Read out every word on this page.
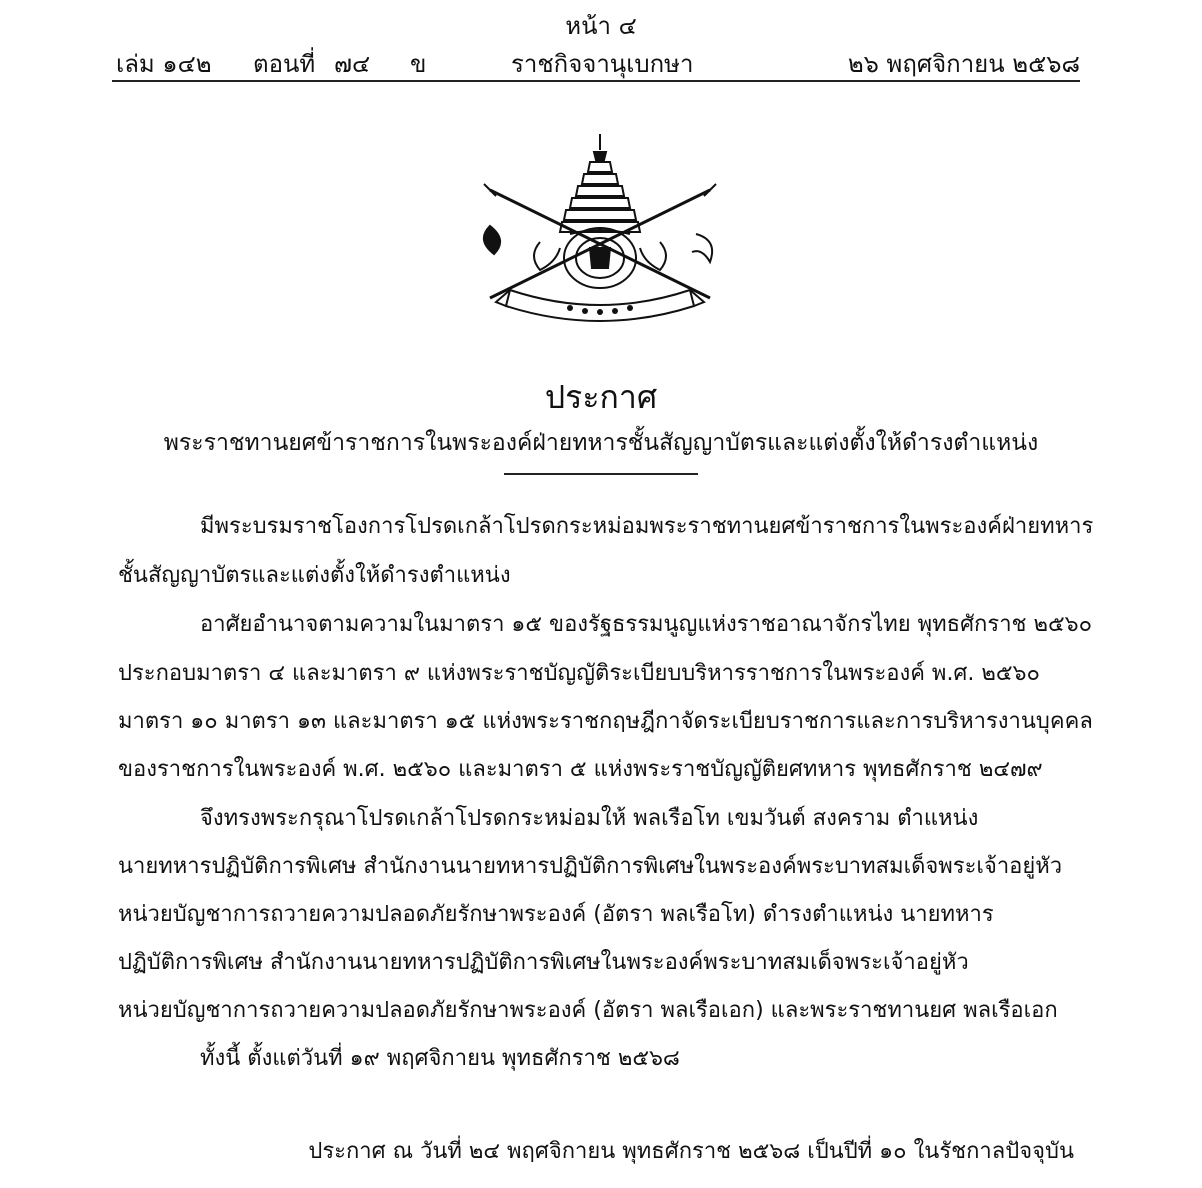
หน้า ๔
เล่ม ๑๔๒ ตอนที่ ๗๔ ข	ราชกิจจานุเบกษา	๒๖ พฤศจิกายน ๒๕๖๘
ประกาศ
พระราชทานยศข้าราชการในพระองค์ฝ่ายทหารชั้นสัญญาบัตรและแต่งตั้งให้ดำรงตำแหน่ง
มีพระบรมราชโองการโปรดเกล้าโปรดกระหม่อมพระราชทานยศข้าราชการในพระองค์ฝ่ายทหาร
ชั้นสัญญาบัตรและแต่งตั้งให้ดำรงตำแหน่ง
อาศัยอำนาจตามความในมาตรา ๑๕ ของรัฐธรรมนูญแห่งราชอาณาจักรไทย พุทธศักราช ๒๕๖๐
ประกอบมาตรา ๔ และมาตรา ๙ แห่งพระราชบัญญัติระเบียบบริหารราชการในพระองค์ พ.ศ. ๒๕๖๐
มาตรา ๑๐ มาตรา ๑๓ และมาตรา ๑๕ แห่งพระราชกฤษฎีกาจัดระเบียบราชการและการบริหารงานบุคคล
ของราชการในพระองค์ พ.ศ. ๒๕๖๐ และมาตรา ๕ แห่งพระราชบัญญัติยศทหาร พุทธศักราช ๒๔๗๙
จึงทรงพระกรุณาโปรดเกล้าโปรดกระหม่อมให้ พลเรือโท เขมวันต์ สงคราม ตำแหน่ง
นายทหารปฏิบัติการพิเศษ สำนักงานนายทหารปฏิบัติการพิเศษในพระองค์พระบาทสมเด็จพระเจ้าอยู่หัว
หน่วยบัญชาการถวายความปลอดภัยรักษาพระองค์ (อัตรา พลเรือโท) ดำรงตำแหน่ง นายทหาร
ปฏิบัติการพิเศษ สำนักงานนายทหารปฏิบัติการพิเศษในพระองค์พระบาทสมเด็จพระเจ้าอยู่หัว
หน่วยบัญชาการถวายความปลอดภัยรักษาพระองค์ (อัตรา พลเรือเอก) และพระราชทานยศ พลเรือเอก
ทั้งนี้ ตั้งแต่วันที่ ๑๙ พฤศจิกายน พุทธศักราช ๒๕๖๘
ประกาศ ณ วันที่ ๒๔ พฤศจิกายน พุทธศักราช ๒๕๖๘ เป็นปีที่ ๑๐ ในรัชกาลปัจจุบัน
